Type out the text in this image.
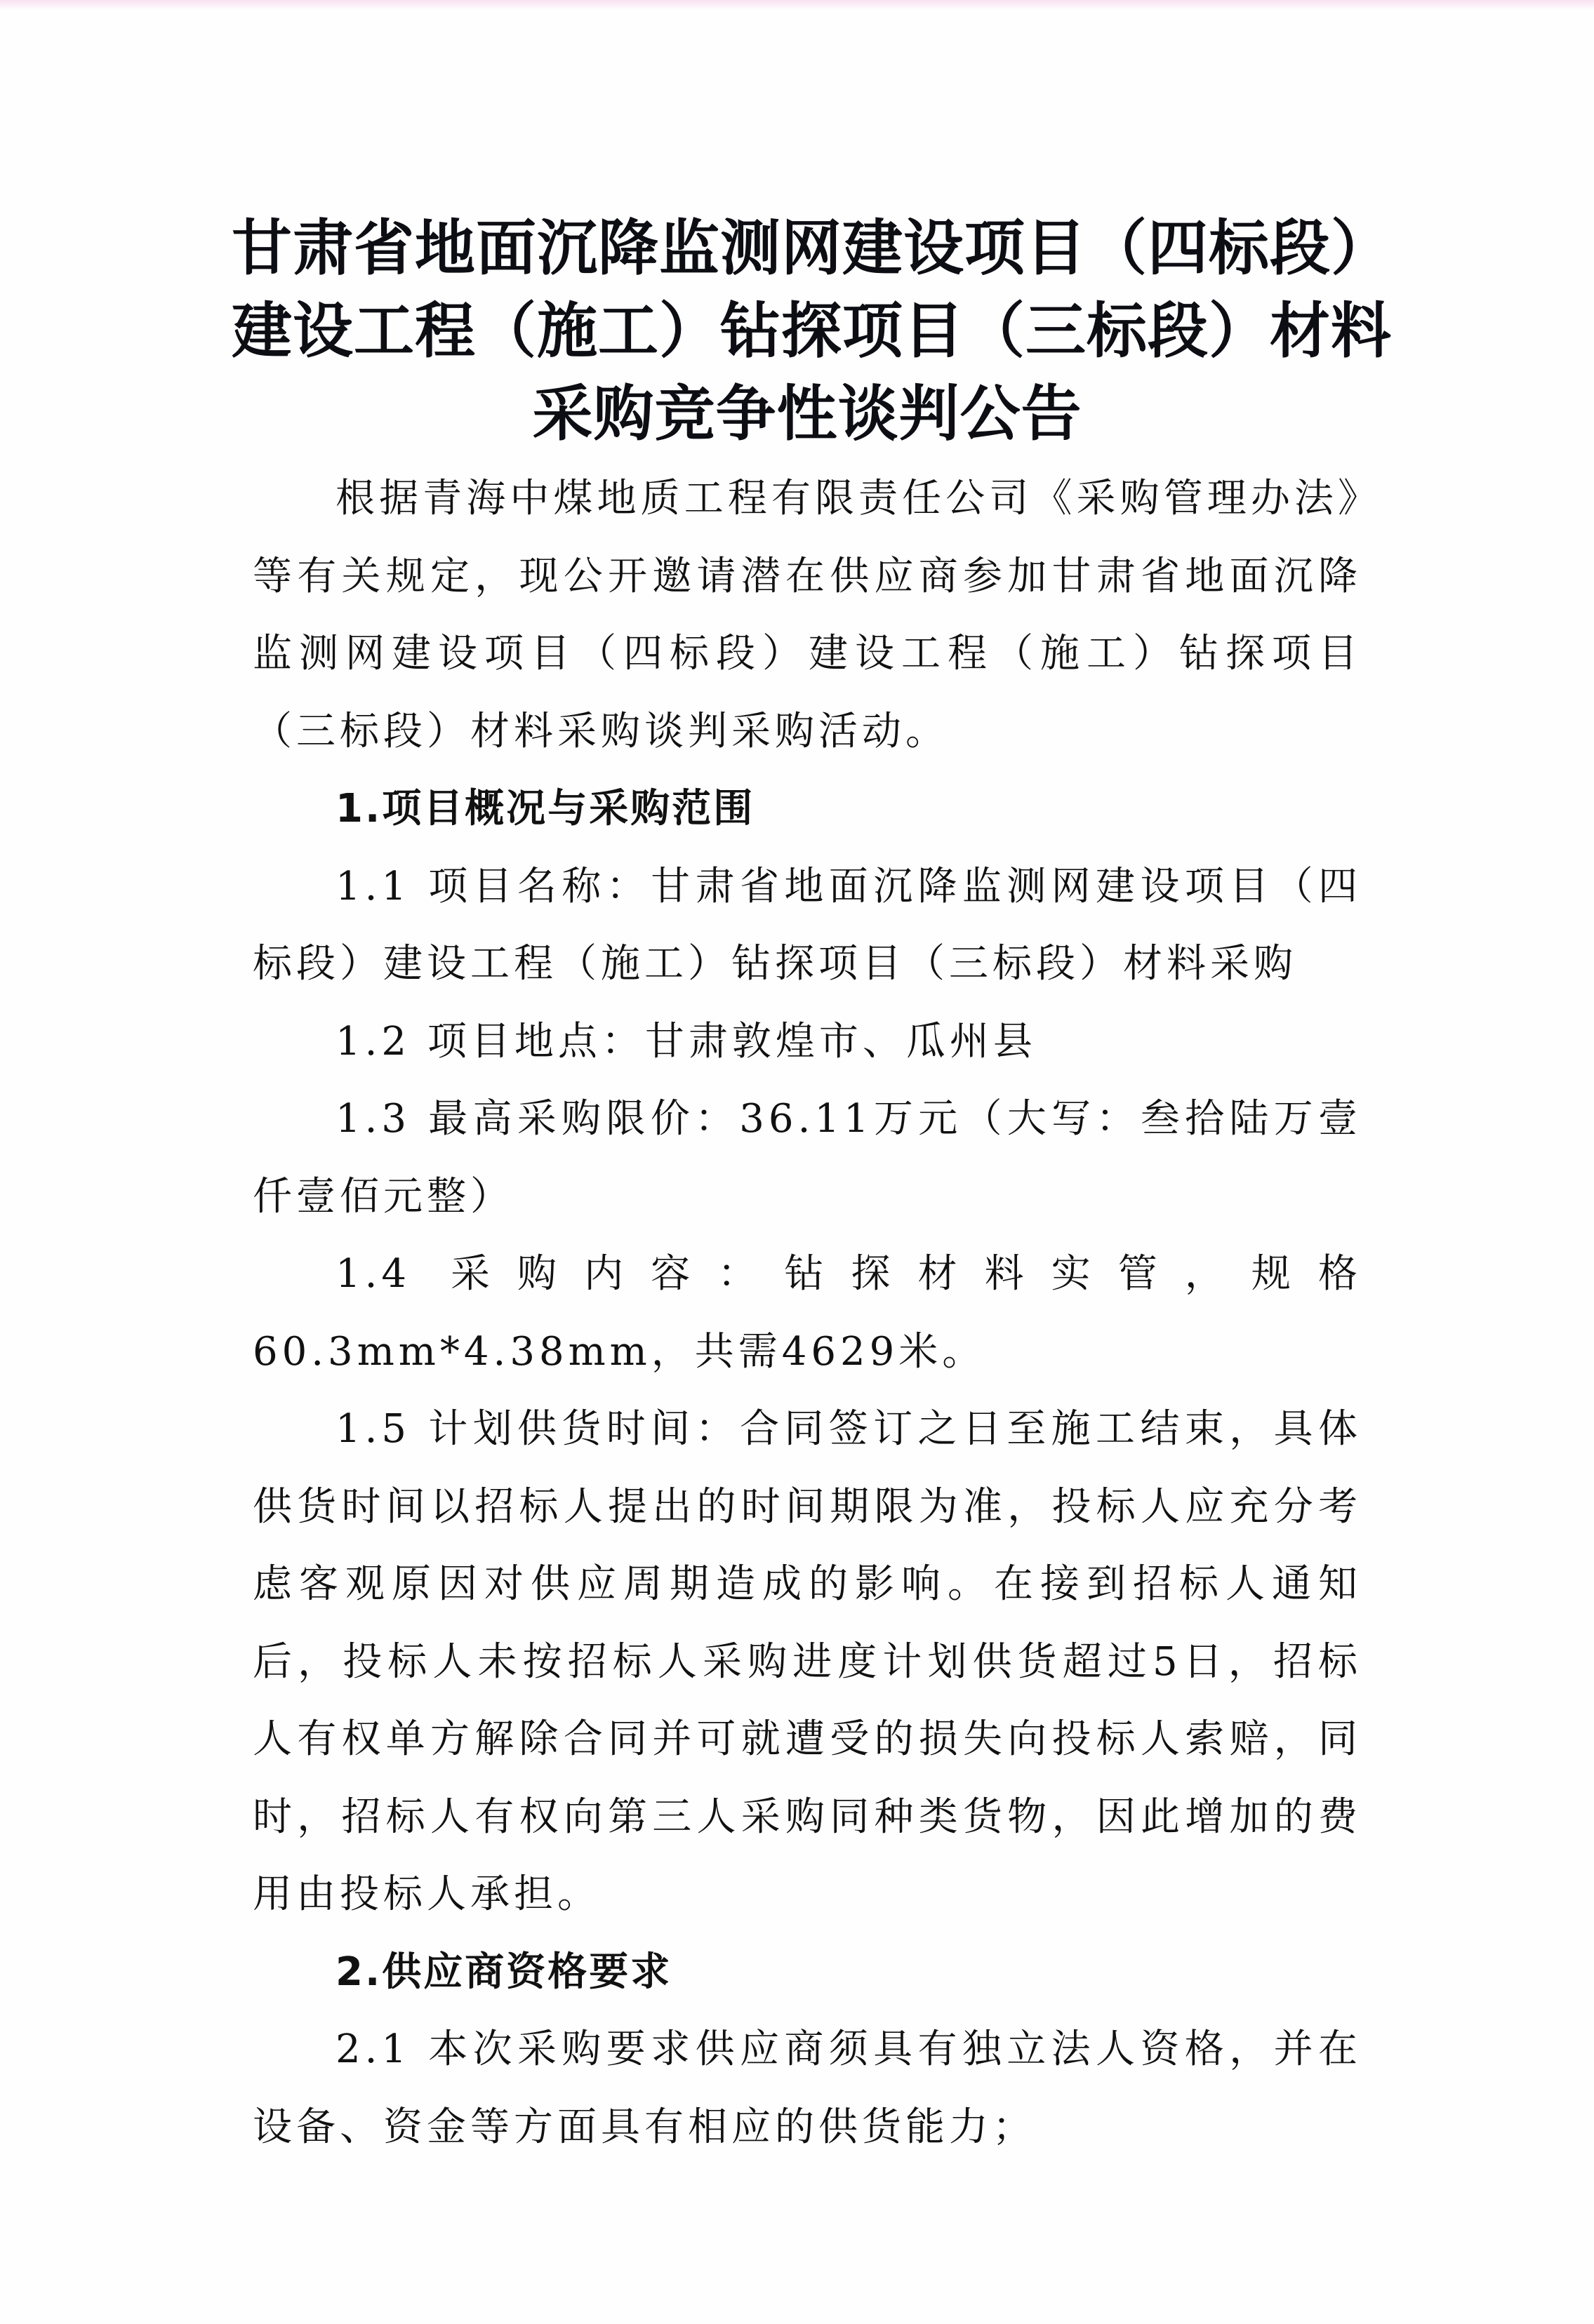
甘肃省地面沉降监测网建设项目（四标段）
建设工程（施工）钻探项目（三标段）材料
采购竞争性谈判公告

根据青海中煤地质工程有限责任公司《采购管理办法》等有关规定，现公开邀请潜在供应商参加甘肃省地面沉降监测网建设项目（四标段）建设工程（施工）钻探项目（三标段）材料采购谈判采购活动。

1.项目概况与采购范围

1.1 项目名称：甘肃省地面沉降监测网建设项目（四标段）建设工程（施工）钻探项目（三标段）材料采购

1.2 项目地点：甘肃敦煌市、瓜州县

1.3 最高采购限价：36.11万元（大写：叁拾陆万壹仟壹佰元整）

1.4 采购内容：钻探材料实管，规格60.3mm*4.38mm，共需4629米。

1.5 计划供货时间：合同签订之日至施工结束，具体供货时间以招标人提出的时间期限为准，投标人应充分考虑客观原因对供应周期造成的影响。在接到招标人通知后，投标人未按招标人采购进度计划供货超过5日，招标人有权单方解除合同并可就遭受的损失向投标人索赔，同时，招标人有权向第三人采购同种类货物，因此增加的费用由投标人承担。

2.供应商资格要求

2.1 本次采购要求供应商须具有独立法人资格，并在设备、资金等方面具有相应的供货能力；
